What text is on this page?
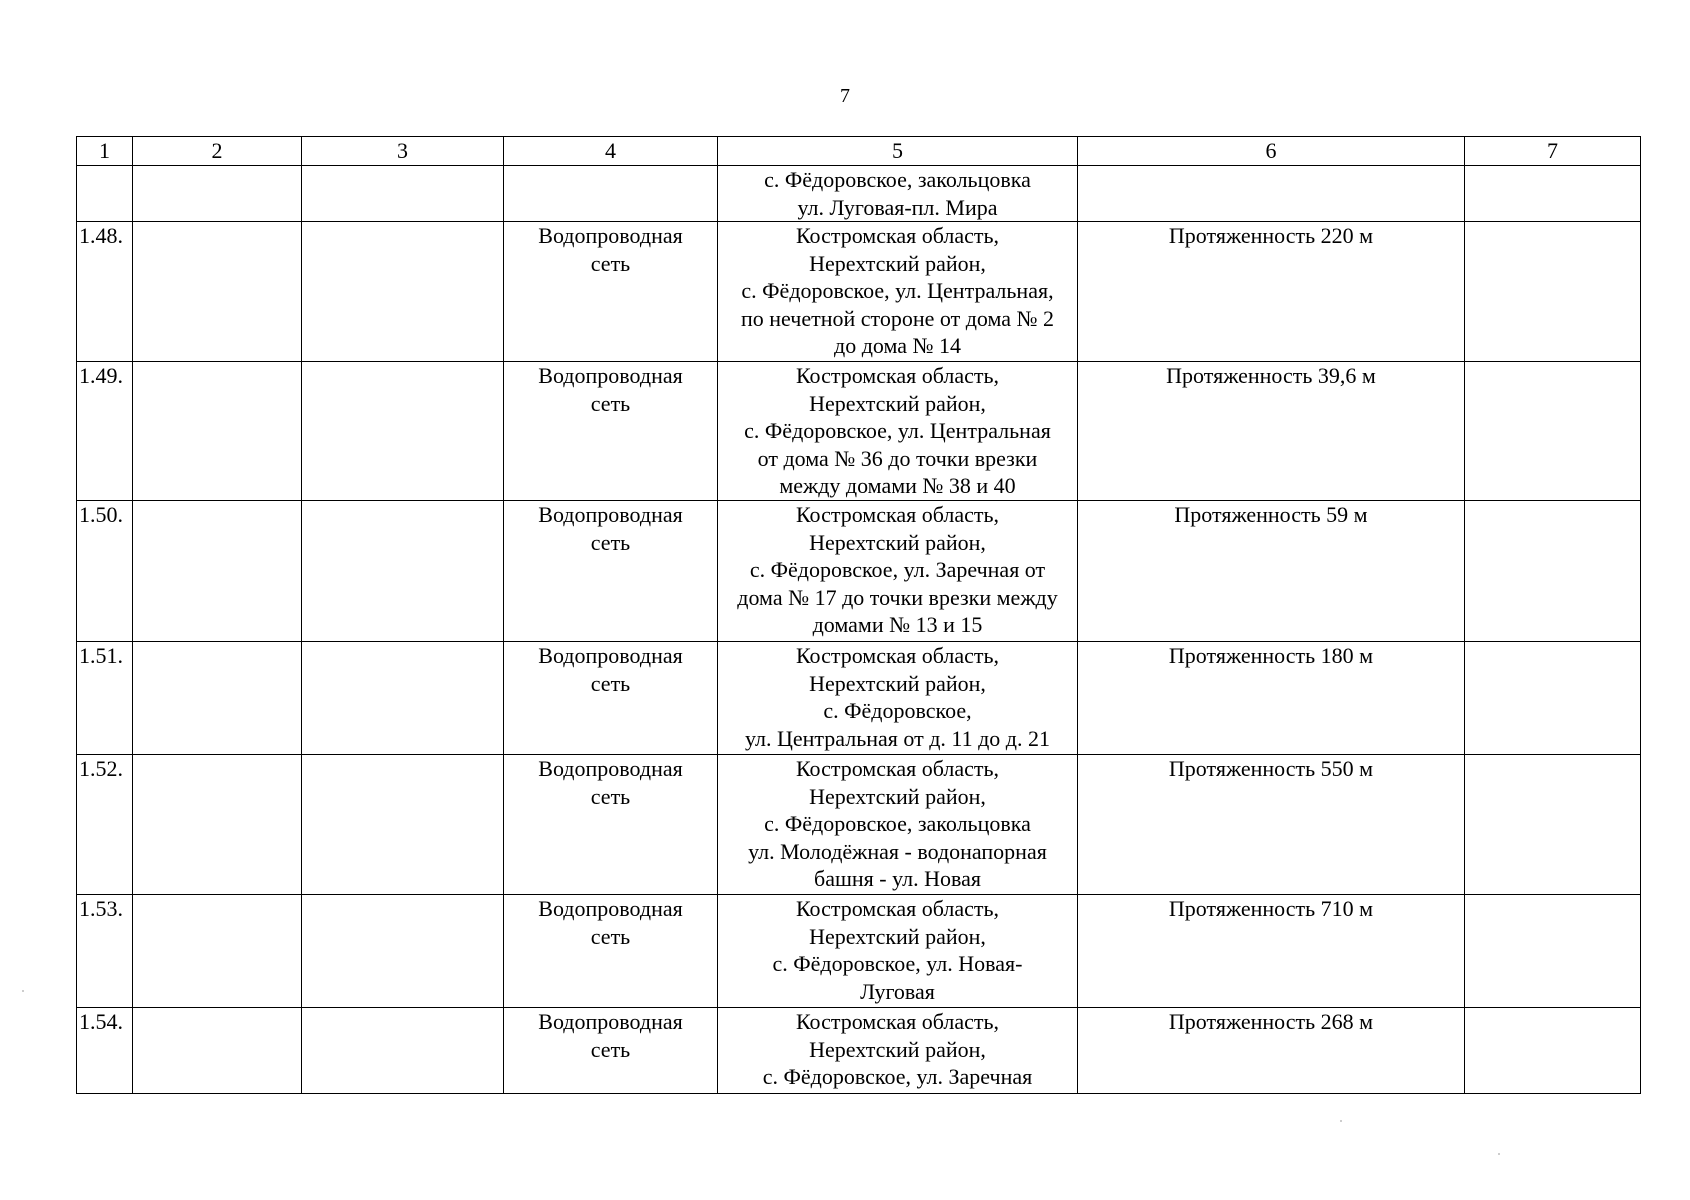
7
1	2	3	4	5	6	7
				с. Фёдоровское, закольцовка
ул. Луговая-пл. Мира		
1.48.			Водопроводная
сеть	Костромская область,
Нерехтский район,
с. Фёдоровское, ул. Центральная,
по нечетной стороне от дома № 2
до дома № 14	Протяженность 220 м	
1.49.			Водопроводная
сеть	Костромская область,
Нерехтский район,
с. Фёдоровское, ул. Центральная
от дома № 36 до точки врезки
между домами № 38 и 40	Протяженность 39,6 м	
1.50.			Водопроводная
сеть	Костромская область,
Нерехтский район,
с. Фёдоровское, ул. Заречная от
дома № 17 до точки врезки между
домами № 13 и 15	Протяженность 59 м	
1.51.			Водопроводная
сеть	Костромская область,
Нерехтский район,
с. Фёдоровское,
ул. Центральная от д. 11 до д. 21	Протяженность 180 м	
1.52.			Водопроводная
сеть	Костромская область,
Нерехтский район,
с. Фёдоровское, закольцовка
ул. Молодёжная - водонапорная
башня - ул. Новая	Протяженность 550 м	
1.53.			Водопроводная
сеть	Костромская область,
Нерехтский район,
с. Фёдоровское, ул. Новая-
Луговая	Протяженность 710 м	
1.54.			Водопроводная
сеть	Костромская область,
Нерехтский район,
с. Фёдоровское, ул. Заречная	Протяженность 268 м	
